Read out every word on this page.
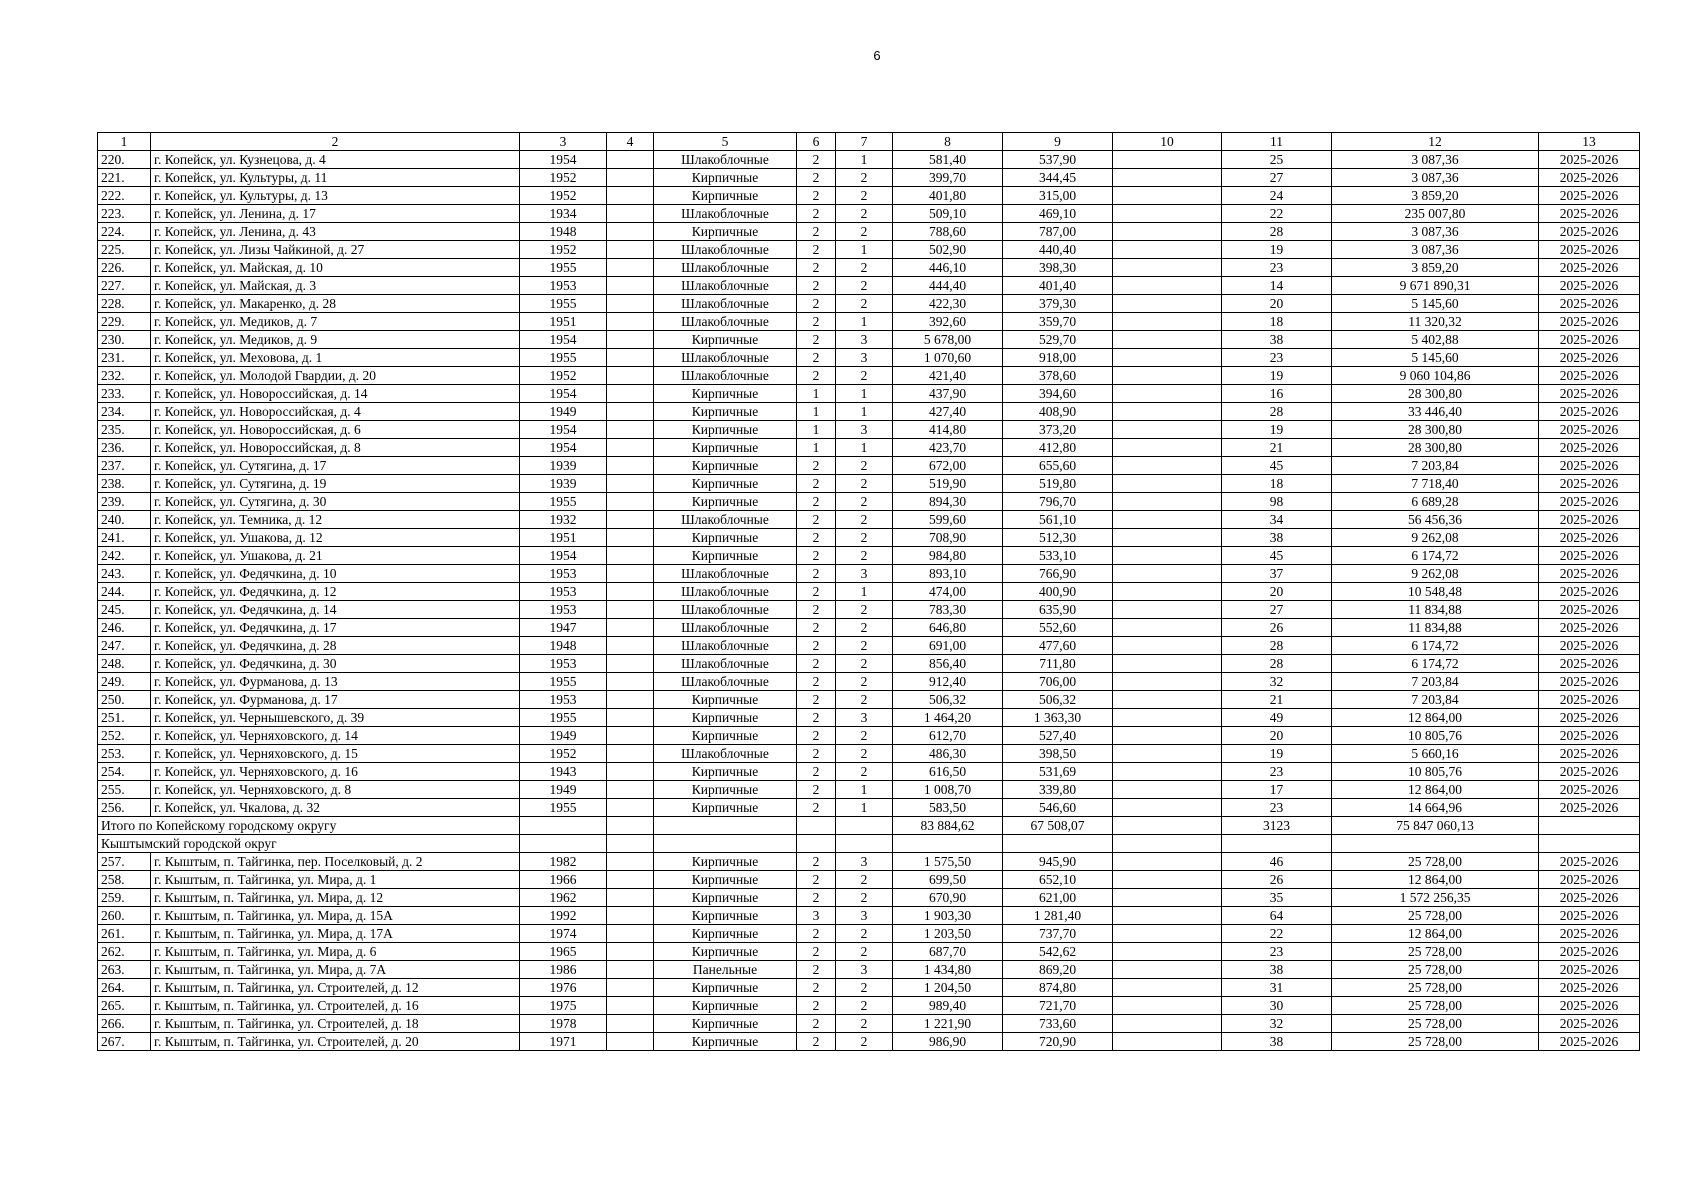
6
1	2	3	4	5	6	7	8	9	10	11	12	13
220.	г. Копейск, ул. Кузнецова, д. 4	1954		Шлакоблочные	2	1	581,40	537,90		25	3 087,36	2025-2026
221.	г. Копейск, ул. Культуры, д. 11	1952		Кирпичные	2	2	399,70	344,45		27	3 087,36	2025-2026
222.	г. Копейск, ул. Культуры, д. 13	1952		Кирпичные	2	2	401,80	315,00		24	3 859,20	2025-2026
223.	г. Копейск, ул. Ленина, д. 17	1934		Шлакоблочные	2	2	509,10	469,10		22	235 007,80	2025-2026
224.	г. Копейск, ул. Ленина, д. 43	1948		Кирпичные	2	2	788,60	787,00		28	3 087,36	2025-2026
225.	г. Копейск, ул. Лизы Чайкиной, д. 27	1952		Шлакоблочные	2	1	502,90	440,40		19	3 087,36	2025-2026
226.	г. Копейск, ул. Майская, д. 10	1955		Шлакоблочные	2	2	446,10	398,30		23	3 859,20	2025-2026
227.	г. Копейск, ул. Майская, д. 3	1953		Шлакоблочные	2	2	444,40	401,40		14	9 671 890,31	2025-2026
228.	г. Копейск, ул. Макаренко, д. 28	1955		Шлакоблочные	2	2	422,30	379,30		20	5 145,60	2025-2026
229.	г. Копейск, ул. Медиков, д. 7	1951		Шлакоблочные	2	1	392,60	359,70		18	11 320,32	2025-2026
230.	г. Копейск, ул. Медиков, д. 9	1954		Кирпичные	2	3	5 678,00	529,70		38	5 402,88	2025-2026
231.	г. Копейск, ул. Меховова, д. 1	1955		Шлакоблочные	2	3	1 070,60	918,00		23	5 145,60	2025-2026
232.	г. Копейск, ул. Молодой Гвардии, д. 20	1952		Шлакоблочные	2	2	421,40	378,60		19	9 060 104,86	2025-2026
233.	г. Копейск, ул. Новороссийская, д. 14	1954		Кирпичные	1	1	437,90	394,60		16	28 300,80	2025-2026
234.	г. Копейск, ул. Новороссийская, д. 4	1949		Кирпичные	1	1	427,40	408,90		28	33 446,40	2025-2026
235.	г. Копейск, ул. Новороссийская, д. 6	1954		Кирпичные	1	3	414,80	373,20		19	28 300,80	2025-2026
236.	г. Копейск, ул. Новороссийская, д. 8	1954		Кирпичные	1	1	423,70	412,80		21	28 300,80	2025-2026
237.	г. Копейск, ул. Сутягина, д. 17	1939		Кирпичные	2	2	672,00	655,60		45	7 203,84	2025-2026
238.	г. Копейск, ул. Сутягина, д. 19	1939		Кирпичные	2	2	519,90	519,80		18	7 718,40	2025-2026
239.	г. Копейск, ул. Сутягина, д. 30	1955		Кирпичные	2	2	894,30	796,70		98	6 689,28	2025-2026
240.	г. Копейск, ул. Темника, д. 12	1932		Шлакоблочные	2	2	599,60	561,10		34	56 456,36	2025-2026
241.	г. Копейск, ул. Ушакова, д. 12	1951		Кирпичные	2	2	708,90	512,30		38	9 262,08	2025-2026
242.	г. Копейск, ул. Ушакова, д. 21	1954		Кирпичные	2	2	984,80	533,10		45	6 174,72	2025-2026
243.	г. Копейск, ул. Федячкина, д. 10	1953		Шлакоблочные	2	3	893,10	766,90		37	9 262,08	2025-2026
244.	г. Копейск, ул. Федячкина, д. 12	1953		Шлакоблочные	2	1	474,00	400,90		20	10 548,48	2025-2026
245.	г. Копейск, ул. Федячкина, д. 14	1953		Шлакоблочные	2	2	783,30	635,90		27	11 834,88	2025-2026
246.	г. Копейск, ул. Федячкина, д. 17	1947		Шлакоблочные	2	2	646,80	552,60		26	11 834,88	2025-2026
247.	г. Копейск, ул. Федячкина, д. 28	1948		Шлакоблочные	2	2	691,00	477,60		28	6 174,72	2025-2026
248.	г. Копейск, ул. Федячкина, д. 30	1953		Шлакоблочные	2	2	856,40	711,80		28	6 174,72	2025-2026
249.	г. Копейск, ул. Фурманова, д. 13	1955		Шлакоблочные	2	2	912,40	706,00		32	7 203,84	2025-2026
250.	г. Копейск, ул. Фурманова, д. 17	1953		Кирпичные	2	2	506,32	506,32		21	7 203,84	2025-2026
251.	г. Копейск, ул. Чернышевского, д. 39	1955		Кирпичные	2	3	1 464,20	1 363,30		49	12 864,00	2025-2026
252.	г. Копейск, ул. Черняховского, д. 14	1949		Кирпичные	2	2	612,70	527,40		20	10 805,76	2025-2026
253.	г. Копейск, ул. Черняховского, д. 15	1952		Шлакоблочные	2	2	486,30	398,50		19	5 660,16	2025-2026
254.	г. Копейск, ул. Черняховского, д. 16	1943		Кирпичные	2	2	616,50	531,69		23	10 805,76	2025-2026
255.	г. Копейск, ул. Черняховского, д. 8	1949		Кирпичные	2	1	1 008,70	339,80		17	12 864,00	2025-2026
256.	г. Копейск, ул. Чкалова, д. 32	1955		Кирпичные	2	1	583,50	546,60		23	14 664,96	2025-2026
Итого по Копейскому городскому округу							83 884,62	67 508,07		3123	75 847 060,13	
Кыштымский городской округ												
257.	г. Кыштым, п. Тайгинка, пер. Поселковый, д. 2	1982		Кирпичные	2	3	1 575,50	945,90		46	25 728,00	2025-2026
258.	г. Кыштым, п. Тайгинка, ул. Мира, д. 1	1966		Кирпичные	2	2	699,50	652,10		26	12 864,00	2025-2026
259.	г. Кыштым, п. Тайгинка, ул. Мира, д. 12	1962		Кирпичные	2	2	670,90	621,00		35	1 572 256,35	2025-2026
260.	г. Кыштым, п. Тайгинка, ул. Мира, д. 15А	1992		Кирпичные	3	3	1 903,30	1 281,40		64	25 728,00	2025-2026
261.	г. Кыштым, п. Тайгинка, ул. Мира, д. 17А	1974		Кирпичные	2	2	1 203,50	737,70		22	12 864,00	2025-2026
262.	г. Кыштым, п. Тайгинка, ул. Мира, д. 6	1965		Кирпичные	2	2	687,70	542,62		23	25 728,00	2025-2026
263.	г. Кыштым, п. Тайгинка, ул. Мира, д. 7А	1986		Панельные	2	3	1 434,80	869,20		38	25 728,00	2025-2026
264.	г. Кыштым, п. Тайгинка, ул. Строителей, д. 12	1976		Кирпичные	2	2	1 204,50	874,80		31	25 728,00	2025-2026
265.	г. Кыштым, п. Тайгинка, ул. Строителей, д. 16	1975		Кирпичные	2	2	989,40	721,70		30	25 728,00	2025-2026
266.	г. Кыштым, п. Тайгинка, ул. Строителей, д. 18	1978		Кирпичные	2	2	1 221,90	733,60		32	25 728,00	2025-2026
267.	г. Кыштым, п. Тайгинка, ул. Строителей, д. 20	1971		Кирпичные	2	2	986,90	720,90		38	25 728,00	2025-2026
